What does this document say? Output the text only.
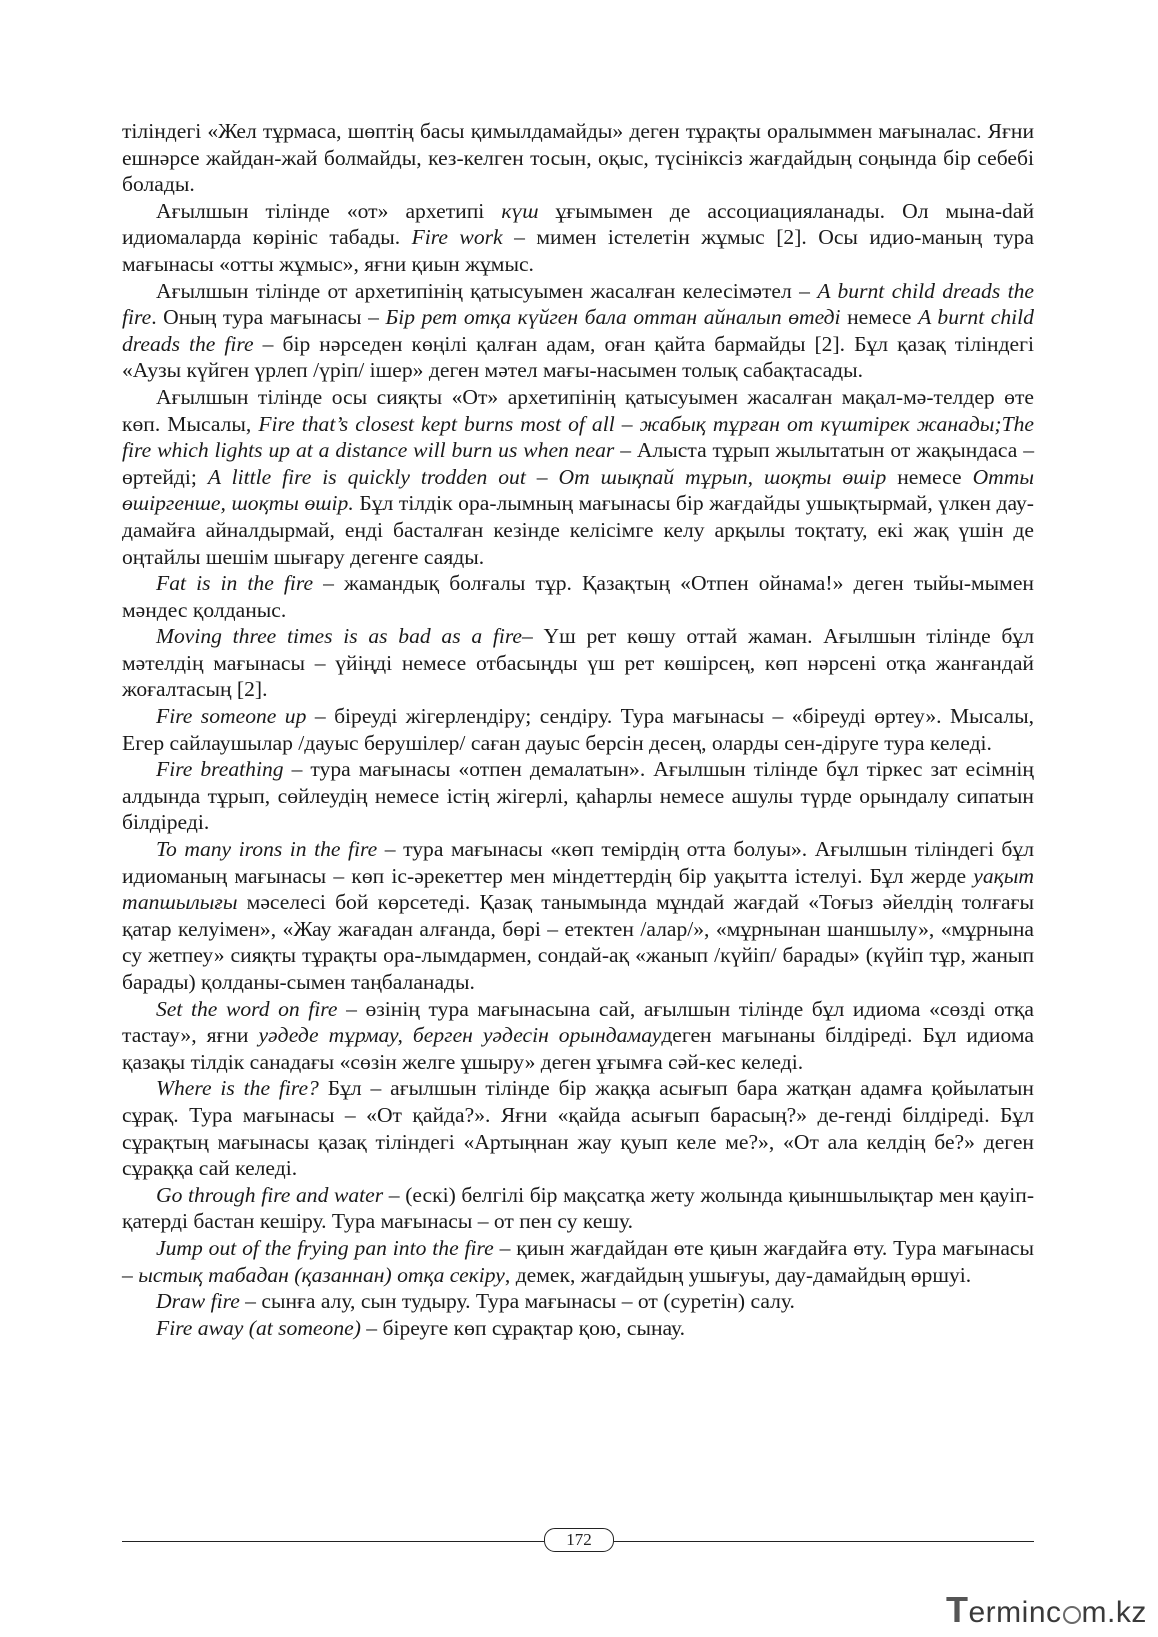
тіліндегі «Жел тұрмаса, шөптің басы қимылдамайды» деген тұрақты оралыммен мағыналас. Яғни ешнәрсе жайдан-жай болмайды, кез-келген тосын, оқыс, түсініксіз жағдайдың соңында бір себебі болады.

Ағылшын тілінде «от» архетипі күш ұғымымен де ассоциацияланады. Ол мына-dай идиомаларда көрініс табады. Fire work – мимен істелетін жұмыс [2]. Осы идио-маның тура мағынасы «отты жұмыс», яғни қиын жұмыс.

Ағылшын тілінде от архетипінің қатысуымен жасалған келесімәтел – A burnt child dreads the fire. Оның тура мағынасы – Бір рет отқа күйген бала оттан айналып өтеді немесе A burnt child dreads the fire – бір нәрседен көңілі қалған адам, оған қайта бармайды [2]. Бұл қазақ тіліндегі «Аузы күйген үрлеп /үріп/ ішер» деген мәтел мағы-насымен толық сабақтасады.

Ағылшын тілінде осы сияқты «От» архетипінің қатысуымен жасалған мақал-мә-телдер өте көп. Мысалы, Fire that’s closest kept burns most of all – жабық тұрған от күштірек жанады;The fire which lights up at a distance will burn us when near – Алыста тұрып жылытатын от жақындаса – өртейді; A little fire is quickly trodden out – От шықпай тұрып, шоқты өшір немесе Отты өшіргенше, шоқты өшір. Бұл тілдік ора-лымның мағынасы бір жағдайды ушықтырмай, үлкен дау-дамайға айналдырмай, енді басталған кезінде келісімге келу арқылы тоқтату, екі жақ үшін де оңтайлы шешім шығару дегенге саяды.

Fat is in the fire – жамандық болғалы тұр. Қазақтың «Отпен ойнама!» деген тыйы-мымен мәндес қолданыс.

Moving three times is as bad as a fire– Үш рет көшу оттай жаман. Ағылшын тілінде бұл мәтелдің мағынасы – үйіңді немесе отбасыңды үш рет көшірсең, көп нәрсені отқа жанғандай жоғалтасың [2].

Fire someone up – біреуді жігерлендіру; сендіру. Тура мағынасы – «біреуді өртеу». Мысалы, Егер сайлаушылар /дауыс берушілер/ саған дауыс берсін десең, оларды сен-діруге тура келеді.

Fire breathing – тура мағынасы «отпен демалатын». Ағылшын тілінде бұл тіркес зат есімнің алдында тұрып, сөйлеудің немесе істің жігерлі, қаһарлы немесе ашулы түрде орындалу сипатын білдіреді.

To many irons in the fire – тура мағынасы «көп темірдің отта болуы». Ағылшын тіліндегі бұл идиоманың мағынасы – көп іс-әрекеттер мен міндеттердің бір уақытта істелуі. Бұл жерде уақыт тапшылығы мәселесі бой көрсетеді. Қазақ танымында мұндай жағдай «Тоғыз әйелдің толғағы қатар келуімен», «Жау жағадан алғанда, бөрі – етектен /алар/», «мұрнынан шаншылу», «мұрнына су жетпеу» сияқты тұрақты ора-лымдармен, сондай-ақ «жанып /күйіп/ барады» (күйіп тұр, жанып барады) қолданы-сымен таңбаланады.

Set the word on fire – өзінің тура мағынасына сай, ағылшын тілінде бұл идиома «сөзді отқа тастау», яғни уәдеде тұрмау, берген уәдесін орындамаудеген мағынаны білдіреді. Бұл идиома қазақы тілдік санадағы «сөзін желге ұшыру» деген ұғымға сәй-кес келеді.

Where is the fire? Бұл – ағылшын тілінде бір жаққа асығып бара жатқан адамға қойылатын сұрақ. Тура мағынасы – «От қайда?». Яғни «қайда асығып барасың?» де-генді білдіреді. Бұл сұрақтың мағынасы қазақ тіліндегі «Артыңнан жау қуып келе ме?», «От ала келдің бе?» деген сұраққа сай келеді.

Go through fire and water – (ескі) белгілі бір мақсатқа жету жолында қиыншылықтар мен қауіп-қатерді бастан кешіру. Тура мағынасы – от пен су кешу.

Jump out of the frying pan into the fire – қиын жағдайдан өте қиын жағдайға өту. Тура мағынасы – ыстық табадан (қазаннан) отқа секіру, демек, жағдайдың ушығуы, дау-дамайдың өршуі.

Draw fire – сынға алу, сын тудыру. Тура мағынасы – от (суретін) салу.

Fire away (at someone) – біреуге көп сұрақтар қою, сынау.

172
Terminc m.kz
